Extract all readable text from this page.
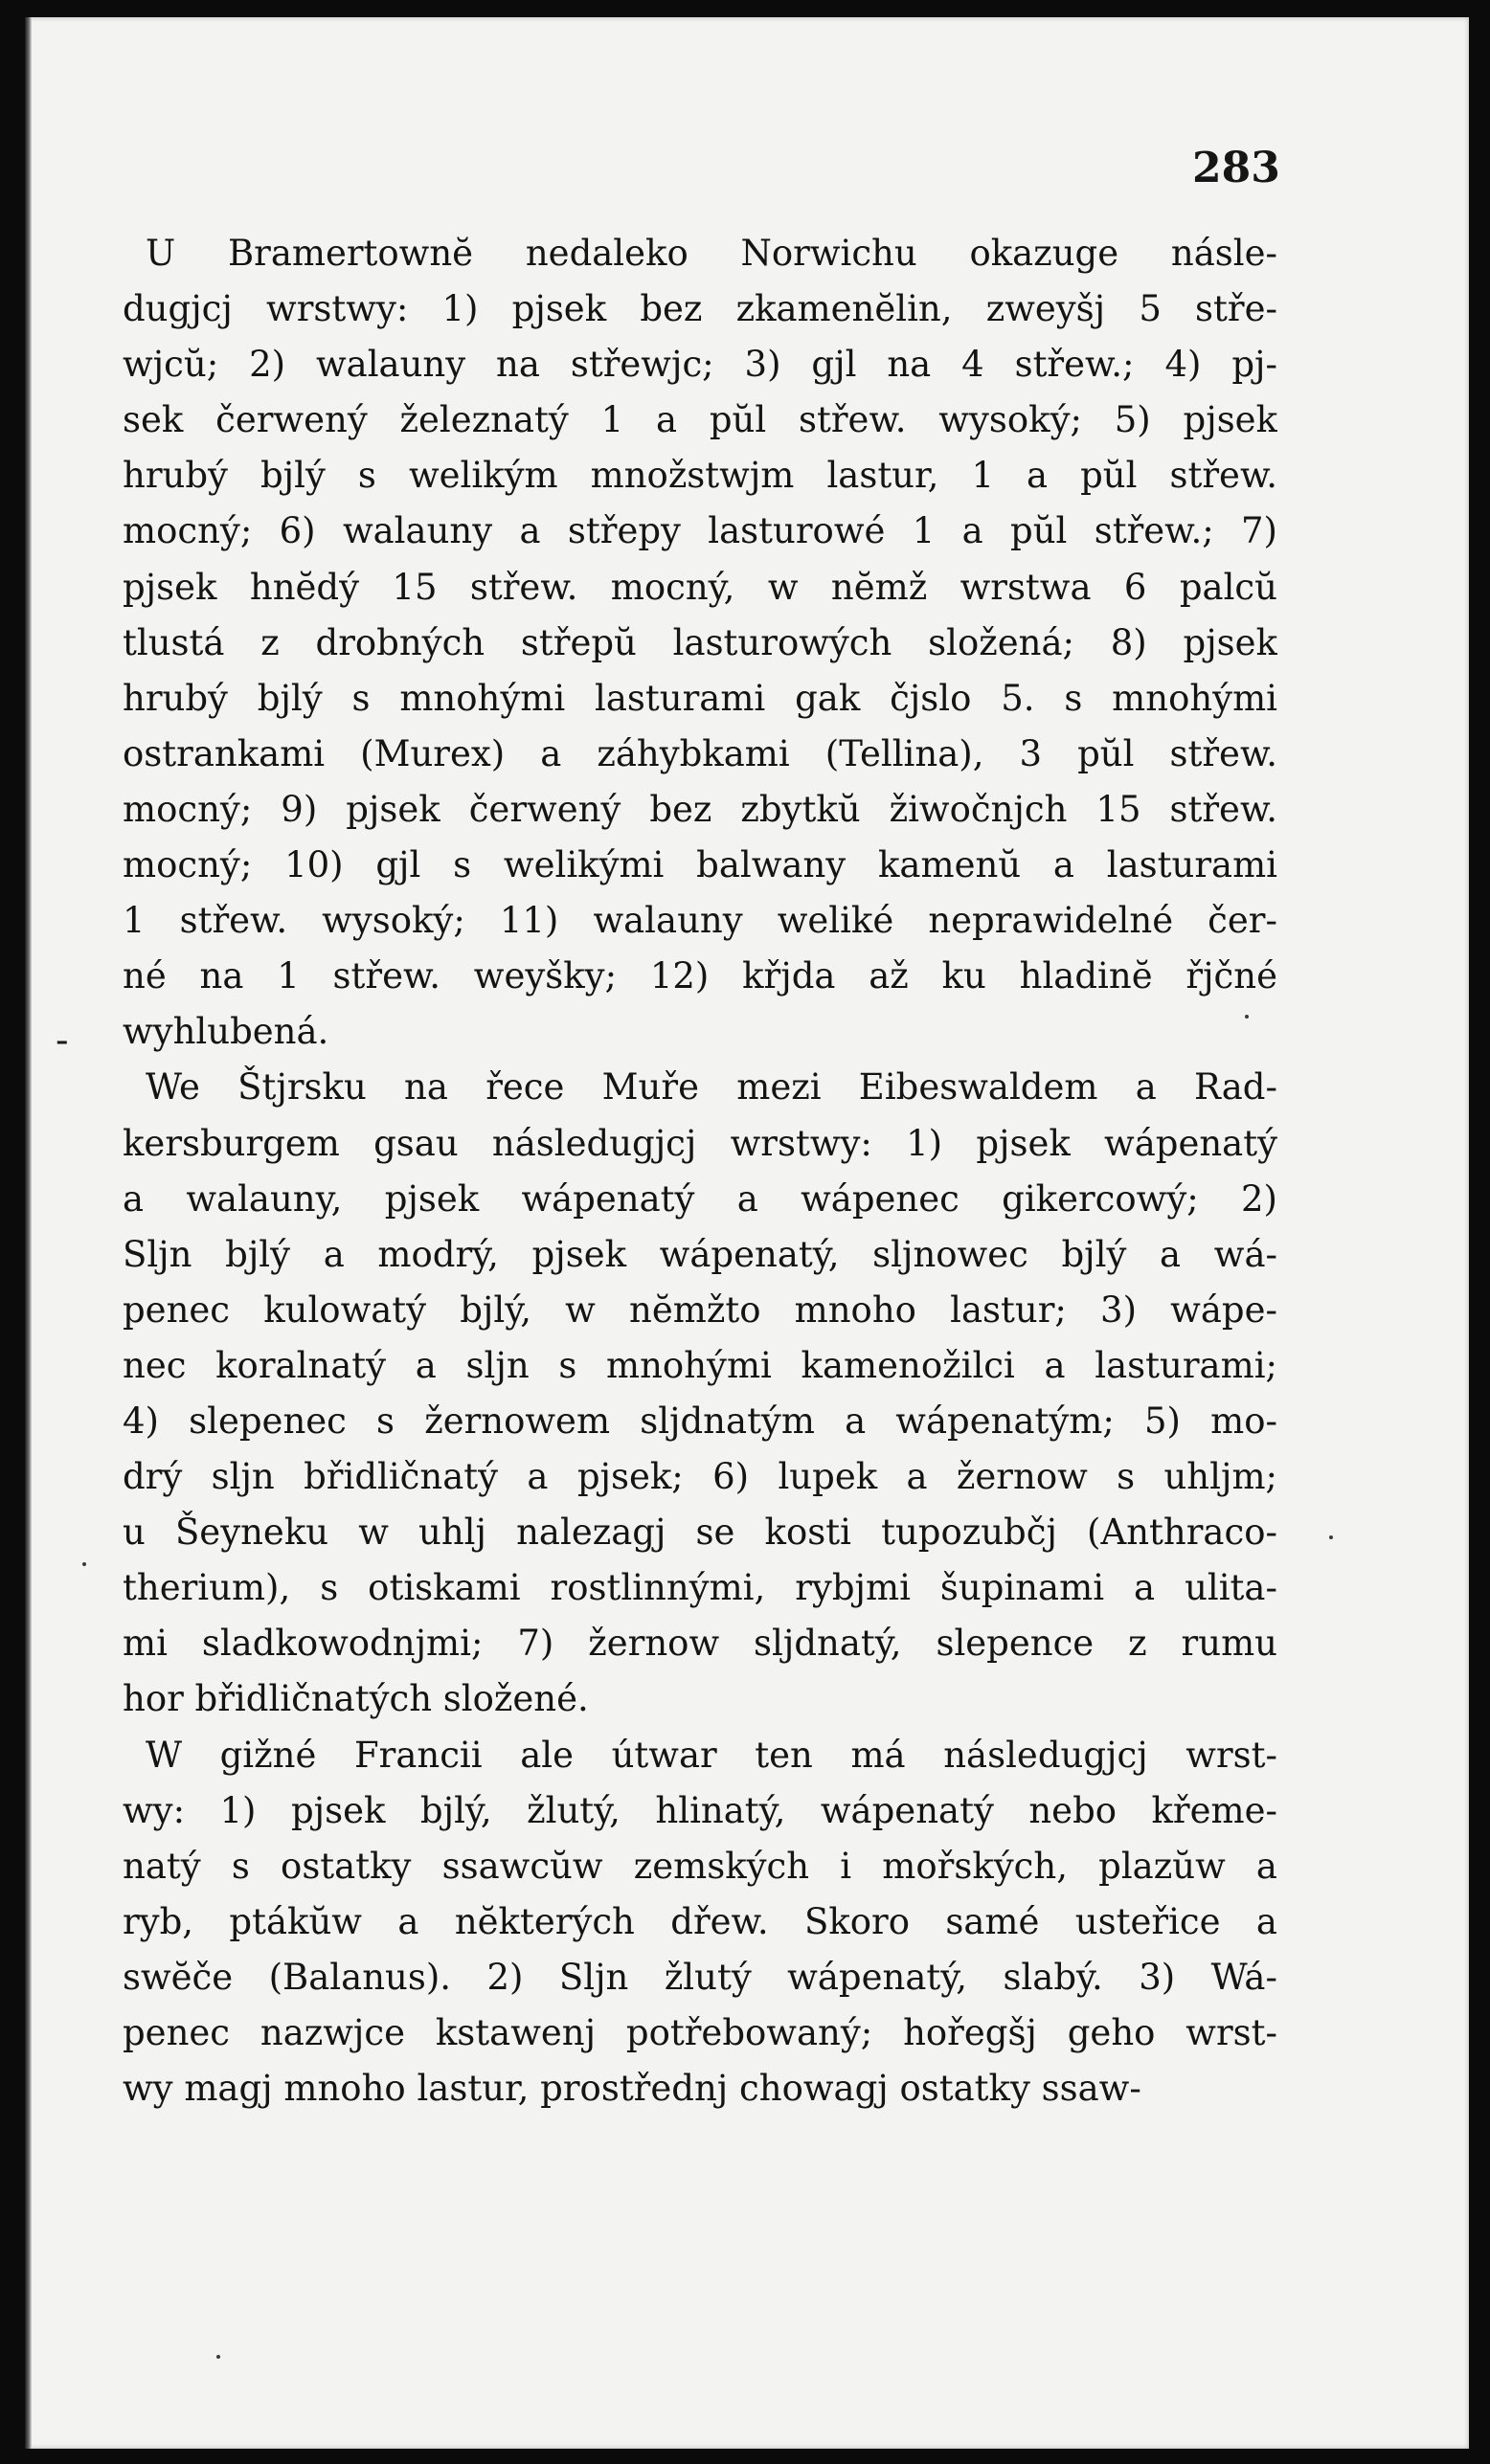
283
-

U Bramertownĕ nedaleko Norwichu okazuge násle-
dugjcj wrstwy: 1) pjsek bez zkamenĕlin, zweyšj 5 stře-
wjcŭ; 2) walauny na střewjc; 3) gjl na 4 střew.; 4) pj-
sek čerwený železnatý 1 a pŭl střew. wysoký; 5) pjsek
hrubý bjlý s welikým množstwjm lastur, 1 a pŭl střew.
mocný; 6) walauny a střepy lasturowé 1 a pŭl střew.; 7)
pjsek hnĕdý 15 střew. mocný, w nĕmž wrstwa 6 palcŭ
tlustá z drobných střepŭ lasturowých složená; 8) pjsek
hrubý bjlý s mnohými lasturami gak čjslo 5. s mnohými
ostrankami (Murex) a záhybkami (Tellina), 3 pŭl střew.
mocný; 9) pjsek čerwený bez zbytkŭ žiwočnjch 15 střew.
mocný; 10) gjl s welikými balwany kamenŭ a lasturami
1 střew. wysoký; 11) walauny weliké neprawidelné čer-
né na 1 střew. weyšky; 12) křjda až ku hladinĕ řjčné
wyhlubená.

We Štjrsku na řece Muře mezi Eibeswaldem a Rad-
kersburgem gsau následugjcj wrstwy: 1) pjsek wápenatý
a walauny, pjsek wápenatý a wápenec gikercowý; 2)
Sljn bjlý a modrý, pjsek wápenatý, sljnowec bjlý a wá-
penec kulowatý bjlý, w nĕmžto mnoho lastur; 3) wápe-
nec koralnatý a sljn s mnohými kamenožilci a lasturami;
4) slepenec s žernowem sljdnatým a wápenatým; 5) mo-
drý sljn břidličnatý a pjsek; 6) lupek a žernow s uhljm;
u Šeyneku w uhlj nalezagj se kosti tupozubčj (Anthraco-
therium), s otiskami rostlinnými, rybjmi šupinami a ulita-
mi sladkowodnjmi; 7) žernow sljdnatý, slepence z rumu
hor břidličnatých složené.

W gižné Francii ale útwar ten má následugjcj wrst-
wy: 1) pjsek bjlý, žlutý, hlinatý, wápenatý nebo křeme-
natý s ostatky ssawcŭw zemských i mořských, plazŭw a
ryb, ptákŭw a nĕkterých dřew. Skoro samé usteřice a
swĕče (Balanus). 2) Sljn žlutý wápenatý, slabý. 3) Wá-
penec nazwjce kstawenj potřebowaný; hořegšj geho wrst-
wy magj mnoho lastur, prostřednj chowagj ostatky ssaw-
